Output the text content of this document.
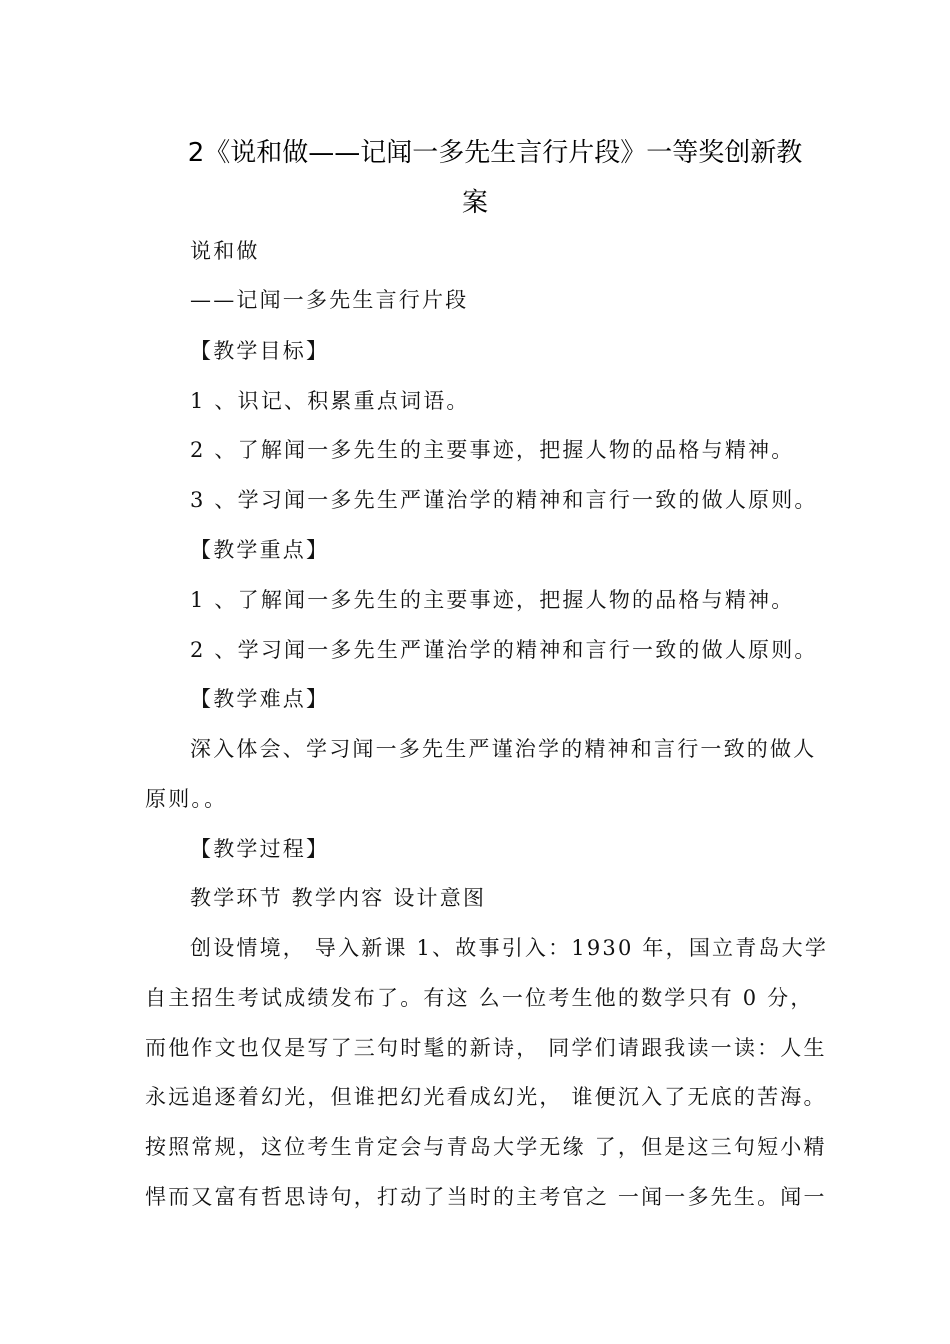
2《说和做——记闻一多先生言行片段》一等奖创新教
案
说和做
——记闻一多先生言行片段
【教学目标】
1 、识记、积累重点词语。
2 、了解闻一多先生的主要事迹，把握人物的品格与精神。
3 、学习闻一多先生严谨治学的精神和言行一致的做人原则。
【教学重点】
1 、了解闻一多先生的主要事迹，把握人物的品格与精神。
2 、学习闻一多先生严谨治学的精神和言行一致的做人原则。
【教学难点】
深入体会、学习闻一多先生严谨治学的精神和言行一致的做人
原则。。
【教学过程】
教学环节 教学内容 设计意图
创设情境， 导入新课 1、故事引入：1930 年，国立青岛大学
自主招生考试成绩发布了。有这 么一位考生他的数学只有 0 分，
而他作文也仅是写了三句时髦的新诗， 同学们请跟我读一读：人生
永远追逐着幻光，但谁把幻光看成幻光， 谁便沉入了无底的苦海。
按照常规，这位考生肯定会与青岛大学无缘 了，但是这三句短小精
悍而又富有哲思诗句，打动了当时的主考官之 一闻一多先生。闻一
